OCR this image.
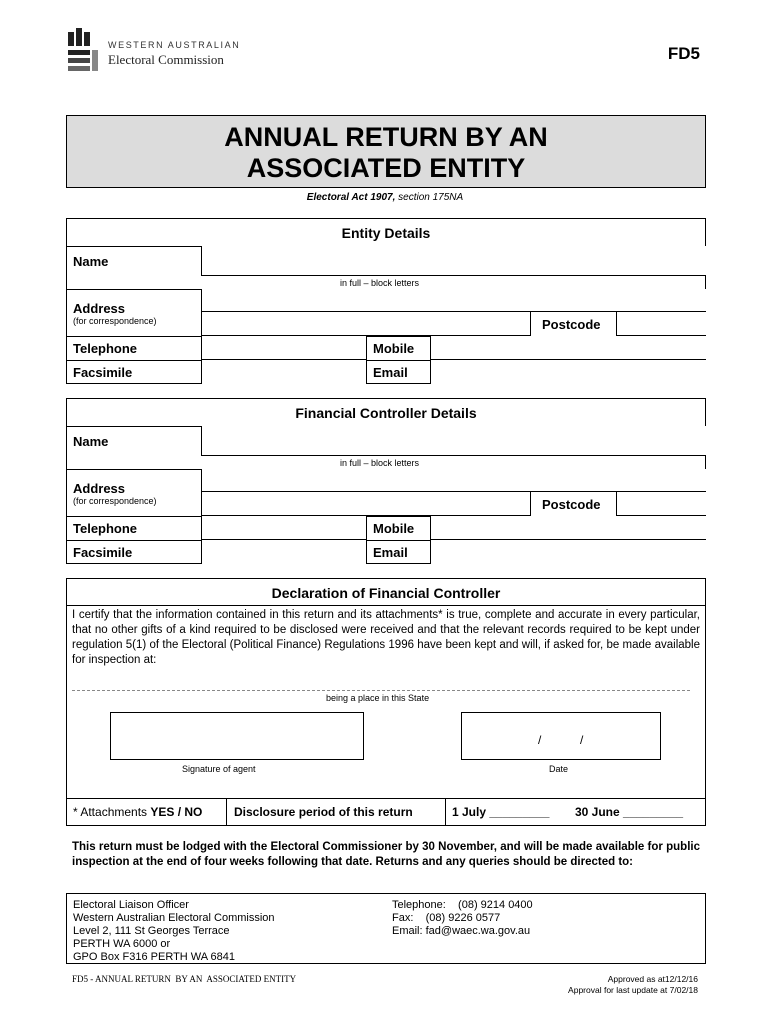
WESTERN AUSTRALIAN
Electoral Commission	FD5
ANNUAL RETURN BY AN
ASSOCIATED ENTITY
Electoral Act 1907, section 175NA
Entity Details
Name
in full – block letters
Address
(for correspondence)	Postcode
Telephone	Mobile
Facsimile	Email
Financial Controller Details
Name
in full – block letters
Address
(for correspondence)	Postcode
Telephone	Mobile
Facsimile	Email
Declaration of Financial Controller
I certify that the information contained in this return and its attachments* is true, complete and accurate in every particular, that no other gifts of a kind required to be disclosed were received and that the relevant records required to be kept under regulation 5(1) of the Electoral (Political Finance) Regulations 1996 have been kept and will, if asked for, be made available for inspection at:
being a place in this State
Signature of agent
/	/
Date
* Attachments YES / NO	Disclosure period of this return	1 July _________ 30 June _________
This return must be lodged with the Electoral Commissioner by 30 November, and will be made available for public inspection at the end of four weeks following that date. Returns and any queries should be directed to:
Electoral Liaison Officer
Western Australian Electoral Commission
Level 2, 111 St Georges Terrace
PERTH WA 6000 or
GPO Box F316 PERTH WA 6841
Telephone:    (08) 9214 0400
Fax:    (08) 9226 0577
Email: fad@waec.wa.gov.au
FD5 - ANNUAL RETURN  BY AN  ASSOCIATED ENTITY	Approved as at12/12/16
Approval for last update at 7/02/18
